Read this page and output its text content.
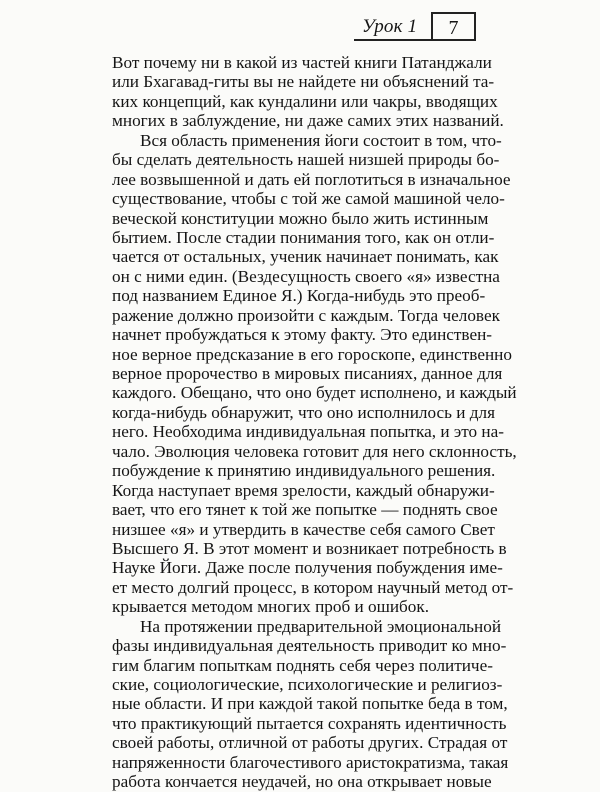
Урок 1	7
Вот почему ни в какой из частей книги Патанджали
или Бхагавад-гиты вы не найдете ни объяснений та-
ких концепций, как кундалини или чакры, вводящих
многих в заблуждение, ни даже самих этих названий.
Вся область применения йоги состоит в том, что-
бы сделать деятельность нашей низшей природы бо-
лее возвышенной и дать ей поглотиться в изначальное
существование, чтобы с той же самой машиной чело-
веческой конституции можно было жить истинным
бытием. После стадии понимания того, как он отли-
чается от остальных, ученик начинает понимать, как
он с ними един. (Вездесущность своего «я» известна
под названием Единое Я.) Когда-нибудь это преоб-
ражение должно произойти с каждым. Тогда человек
начнет пробуждаться к этому факту. Это единствен-
ное верное предсказание в его гороскопе, единственно
верное пророчество в мировых писаниях, данное для
каждого. Обещано, что оно будет исполнено, и каждый
когда-нибудь обнаружит, что оно исполнилось и для
него. Необходима индивидуальная попытка, и это на-
чало. Эволюция человека готовит для него склонность,
побуждение к принятию индивидуального решения.
Когда наступает время зрелости, каждый обнаружи-
вает, что его тянет к той же попытке — поднять свое
низшее «я» и утвердить в качестве себя самого Свет
Высшего Я. В этот момент и возникает потребность в
Науке Йоги. Даже после получения побуждения име-
ет место долгий процесс, в котором научный метод от-
крывается методом многих проб и ошибок.
На протяжении предварительной эмоциональной
фазы индивидуальная деятельность приводит ко мно-
гим благим попыткам поднять себя через политиче-
ские, социологические, психологические и религиоз-
ные области. И при каждой такой попытке беда в том,
что практикующий пытается сохранять идентичность
своей работы, отличной от работы других. Страдая от
напряженности благочестивого аристократизма, такая
работа кончается неудачей, но она открывает новые
